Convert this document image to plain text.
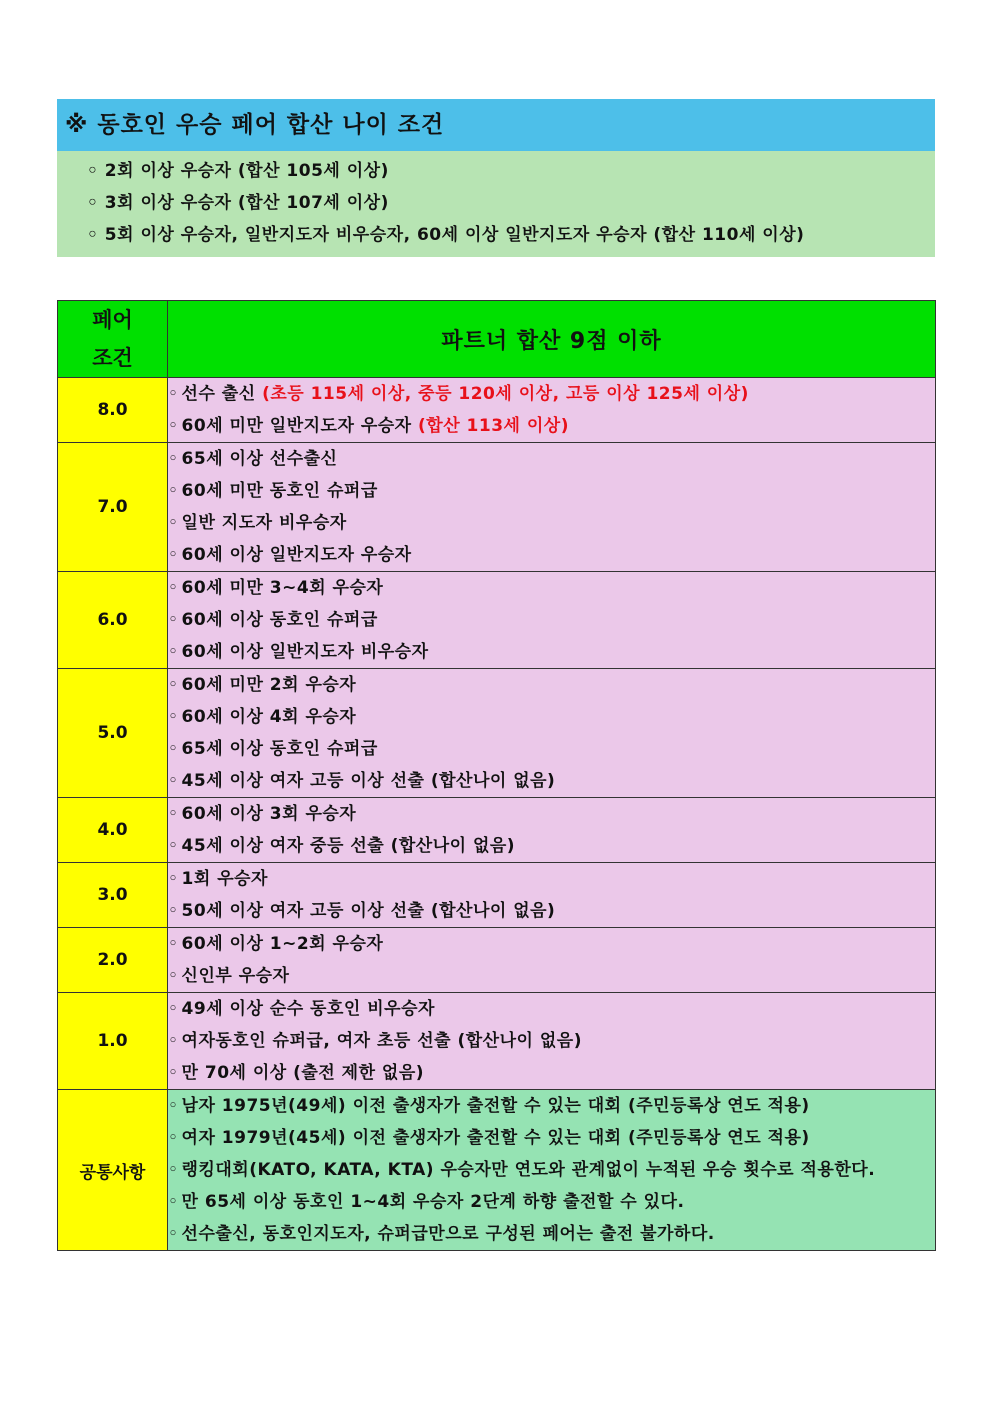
※ 동호인 우승 페어 합산 나이 조건
◦ 2회 이상 우승자 (합산 105세 이상)
◦ 3회 이상 우승자 (합산 107세 이상)
◦ 5회 이상 우승자, 일반지도자 비우승자, 60세 이상 일반지도자 우승자 (합산 110세 이상)
페어
조건	파트너 합산 9점 이하
8.0	◦ 선수 출신 (초등 115세 이상, 중등 120세 이상, 고등 이상 125세 이상)
◦ 60세 미만 일반지도자 우승자 (합산 113세 이상)

7.0	◦ 65세 이상 선수출신
◦ 60세 미만 동호인 슈퍼급
◦ 일반 지도자 비우승자
◦ 60세 이상 일반지도자 우승자

6.0	◦ 60세 미만 3~4회 우승자
◦ 60세 이상 동호인 슈퍼급
◦ 60세 이상 일반지도자 비우승자

5.0	◦ 60세 미만 2회 우승자
◦ 60세 이상 4회 우승자
◦ 65세 이상 동호인 슈퍼급
◦ 45세 이상 여자 고등 이상 선출 (합산나이 없음)

4.0	◦ 60세 이상 3회 우승자
◦ 45세 이상 여자 중등 선출 (합산나이 없음)

3.0	◦ 1회 우승자
◦ 50세 이상 여자 고등 이상 선출 (합산나이 없음)

2.0	◦ 60세 이상 1~2회 우승자
◦ 신인부 우승자

1.0	◦ 49세 이상 순수 동호인 비우승자
◦ 여자동호인 슈퍼급, 여자 초등 선출 (합산나이 없음)
◦ 만 70세 이상 (출전 제한 없음)

공통사항	◦ 남자 1975년(49세) 이전 출생자가 출전할 수 있는 대회 (주민등록상 연도 적용)
◦ 여자 1979년(45세) 이전 출생자가 출전할 수 있는 대회 (주민등록상 연도 적용)
◦ 랭킹대회(KATO, KATA, KTA) 우승자만 연도와 관계없이 누적된 우승 횟수로 적용한다.
◦ 만 65세 이상 동호인 1~4회 우승자 2단계 하향 출전할 수 있다.
◦ 선수출신, 동호인지도자, 슈퍼급만으로 구성된 페어는 출전 불가하다.
